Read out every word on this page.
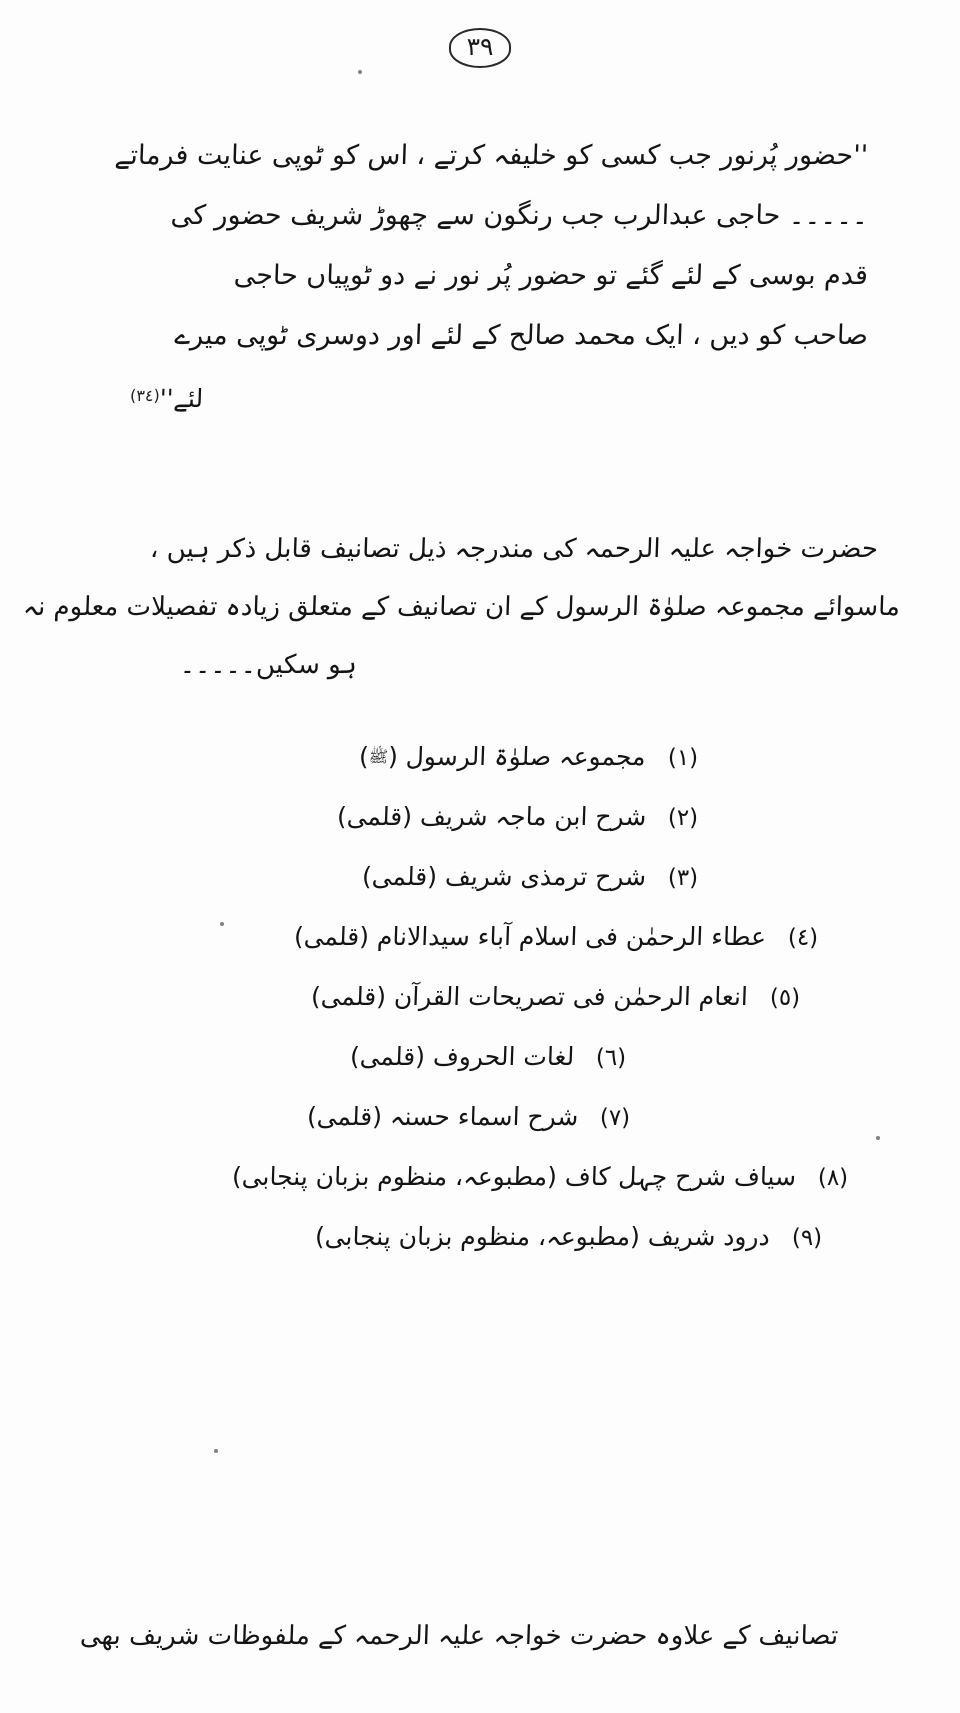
٣٩
''حضور پُرنور جب کسی کو خلیفہ کرتے ، اس کو ٹوپی عنایت فرماتے
۔۔۔۔۔ حاجی عبدالرب جب رنگون سے چھوڑ شریف حضور کی
قدم بوسی کے لئے گئے تو حضور پُر نور نے دو ٹوپیاں حاجی
صاحب کو دیں ، ایک محمد صالح کے لئے اور دوسری ٹوپی میرے
لئے''$^{(٣٤)}$
حضرت خواجہ علیہ الرحمہ کی مندرجہ ذیل تصانیف قابل ذکر ہیں ،
ماسوائے مجموعہ صلوٰۃ الرسول کے ان تصانیف کے متعلق زیادہ تفصیلات معلوم نہ
ہو سکیں۔۔۔۔۔
(١)
مجموعہ صلوٰۃ الرسول (ﷺ)
(٢)
شرح ابن ماجہ شریف (قلمی)
(٣)
شرح ترمذی شریف (قلمی)
(٤)
عطاء الرحمٰن فی اسلام آباء سیدالانام (قلمی)
(٥)
انعام الرحمٰن فی تصریحات القرآن (قلمی)
(٦)
لغات الحروف (قلمی)
(٧)
شرح اسماء حسنہ (قلمی)
(٨)
سیاف شرح چہل کاف (مطبوعہ، منظوم بزبان پنجابی)
(٩)
درود شریف (مطبوعہ، منظوم بزبان پنجابی)
تصانیف کے علاوہ حضرت خواجہ علیہ الرحمہ کے ملفوظات شریف بھی
